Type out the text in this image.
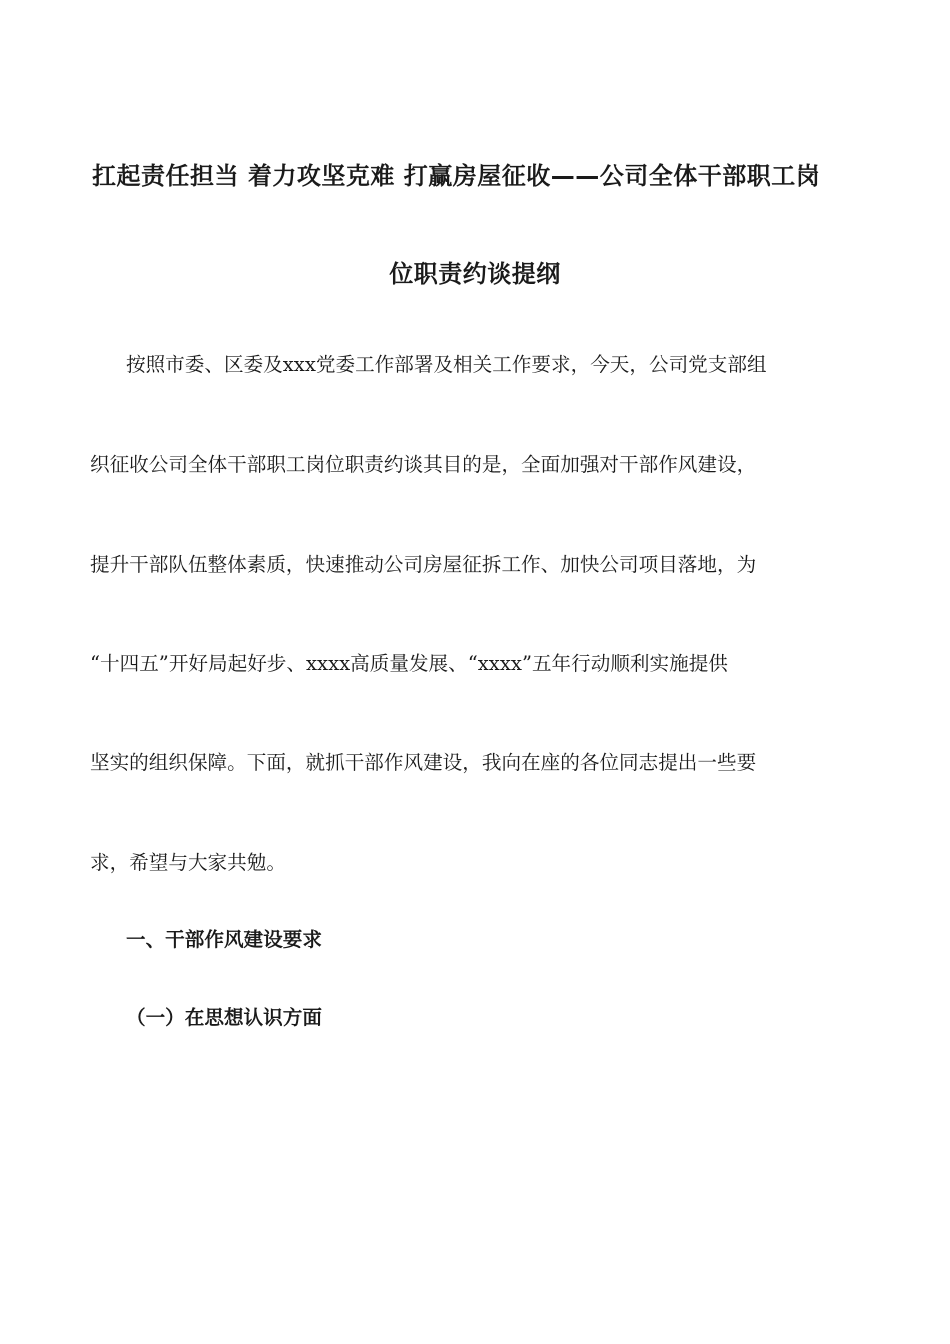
扛起责任担当 着力攻坚克难 打赢房屋征收——公司全体干部职工岗
位职责约谈提纲
按照市委、区委及xxx党委工作部署及相关工作要求，今天，公司党支部组
织征收公司全体干部职工岗位职责约谈其目的是，全面加强对干部作风建设，
提升干部队伍整体素质，快速推动公司房屋征拆工作、加快公司项目落地，为
“十四五”开好局起好步、xxxx高质量发展、“xxxx”五年行动顺利实施提供
坚实的组织保障。下面，就抓干部作风建设，我向在座的各位同志提出一些要
求，希望与大家共勉。
一、干部作风建设要求
（一）在思想认识方面
